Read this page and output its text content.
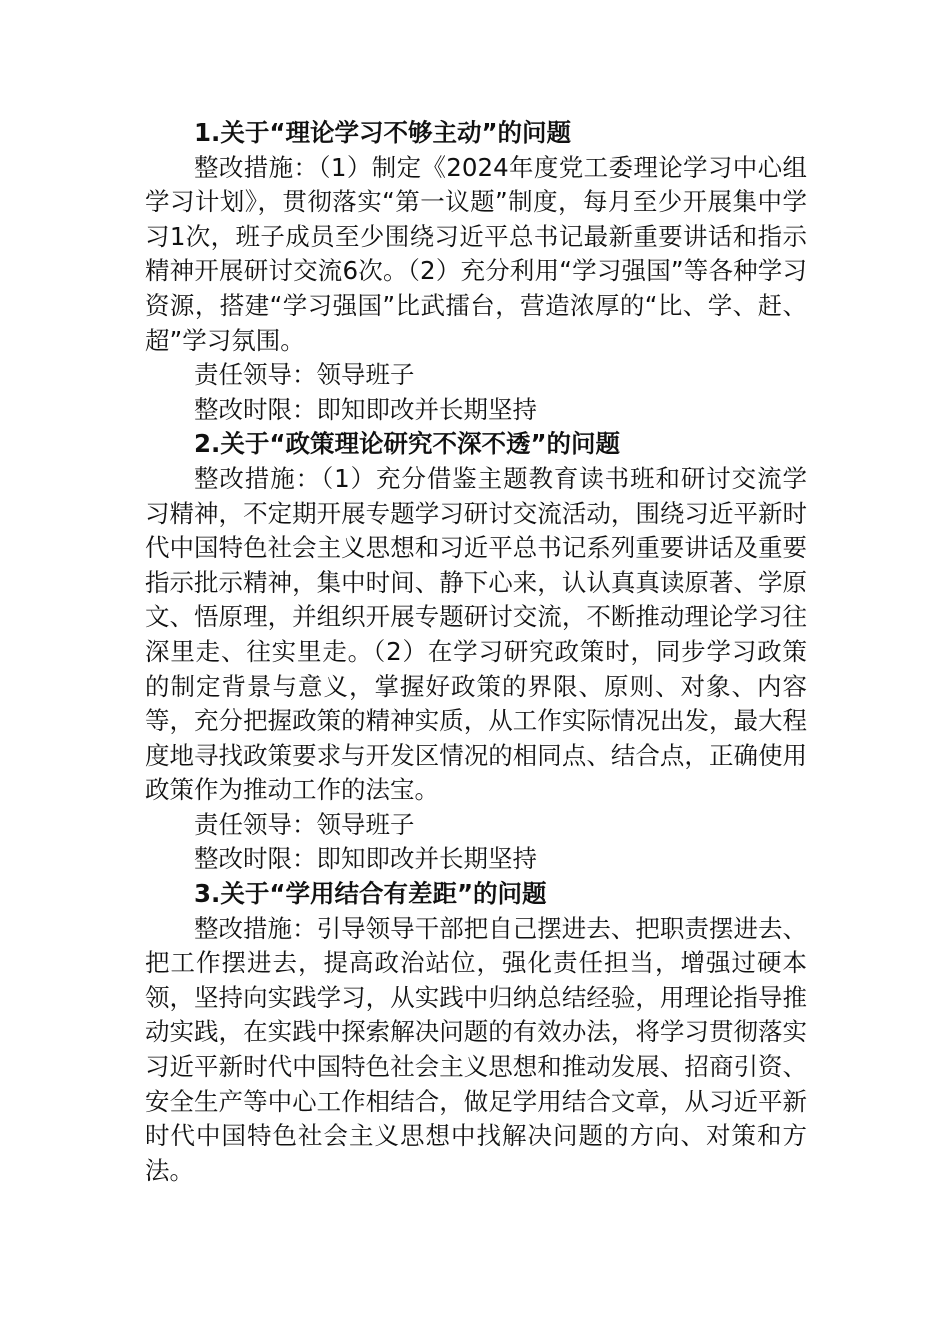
1.关于“理论学习不够主动”的问题

整改措施：（1）制定《2024年度党工委理论学习中心组学习计划》，贯彻落实“第一议题”制度，每月至少开展集中学习1次，班子成员至少围绕习近平总书记最新重要讲话和指示精神开展研讨交流6次。（2）充分利用“学习强国”等各种学习资源，搭建“学习强国”比武擂台，营造浓厚的“比、学、赶、超”学习氛围。

责任领导：领导班子

整改时限：即知即改并长期坚持

2.关于“政策理论研究不深不透”的问题

整改措施：（1）充分借鉴主题教育读书班和研讨交流学习精神，不定期开展专题学习研讨交流活动，围绕习近平新时代中国特色社会主义思想和习近平总书记系列重要讲话及重要指示批示精神，集中时间、静下心来，认认真真读原著、学原文、悟原理，并组织开展专题研讨交流，不断推动理论学习往深里走、往实里走。（2）在学习研究政策时，同步学习政策的制定背景与意义，掌握好政策的界限、原则、对象、内容等，充分把握政策的精神实质，从工作实际情况出发，最大程度地寻找政策要求与开发区情况的相同点、结合点，正确使用政策作为推动工作的法宝。

责任领导：领导班子

整改时限：即知即改并长期坚持

3.关于“学用结合有差距”的问题

整改措施：引导领导干部把自己摆进去、把职责摆进去、把工作摆进去，提高政治站位，强化责任担当，增强过硬本领，坚持向实践学习，从实践中归纳总结经验，用理论指导推动实践，在实践中探索解决问题的有效办法，将学习贯彻落实习近平新时代中国特色社会主义思想和推动发展、招商引资、安全生产等中心工作相结合，做足学用结合文章，从习近平新时代中国特色社会主义思想中找解决问题的方向、对策和方法。
